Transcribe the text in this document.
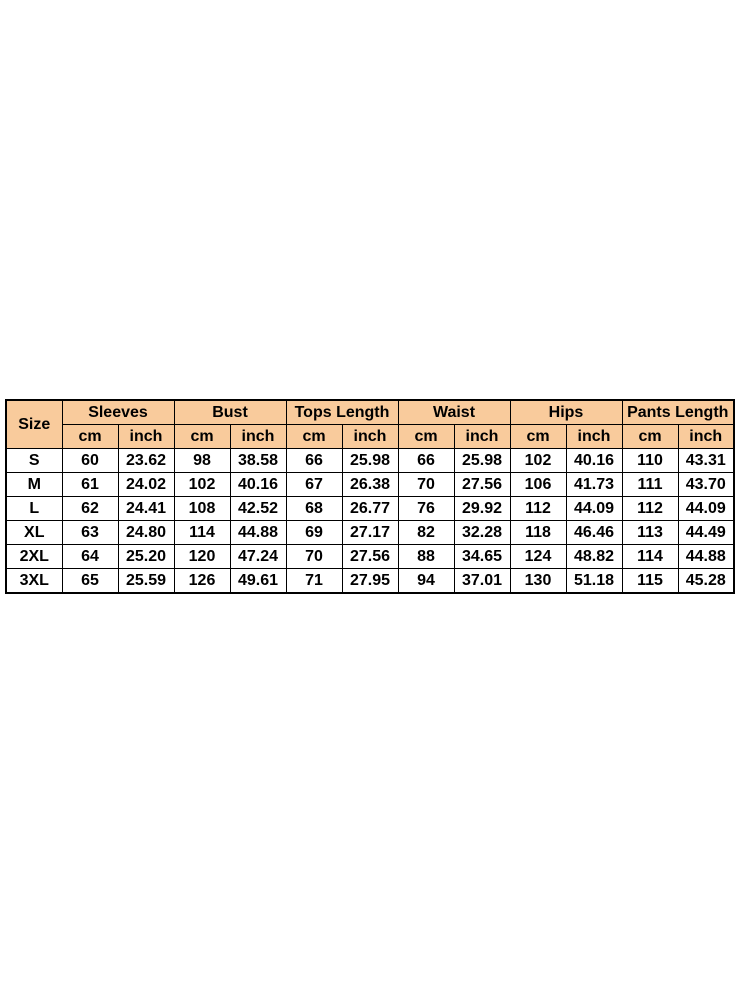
Size	Sleeves		Bust		Tops Length		Waist		Hips		Pants Length	
	cm	inch	cm	inch	cm	inch	cm	inch	cm	inch	cm	inch
S	60	23.62	98	38.58	66	25.98	66	25.98	102	40.16	110	43.31
M	61	24.02	102	40.16	67	26.38	70	27.56	106	41.73	111	43.70
L	62	24.41	108	42.52	68	26.77	76	29.92	112	44.09	112	44.09
XL	63	24.80	114	44.88	69	27.17	82	32.28	118	46.46	113	44.49
2XL	64	25.20	120	47.24	70	27.56	88	34.65	124	48.82	114	44.88
3XL	65	25.59	126	49.61	71	27.95	94	37.01	130	51.18	115	45.28
